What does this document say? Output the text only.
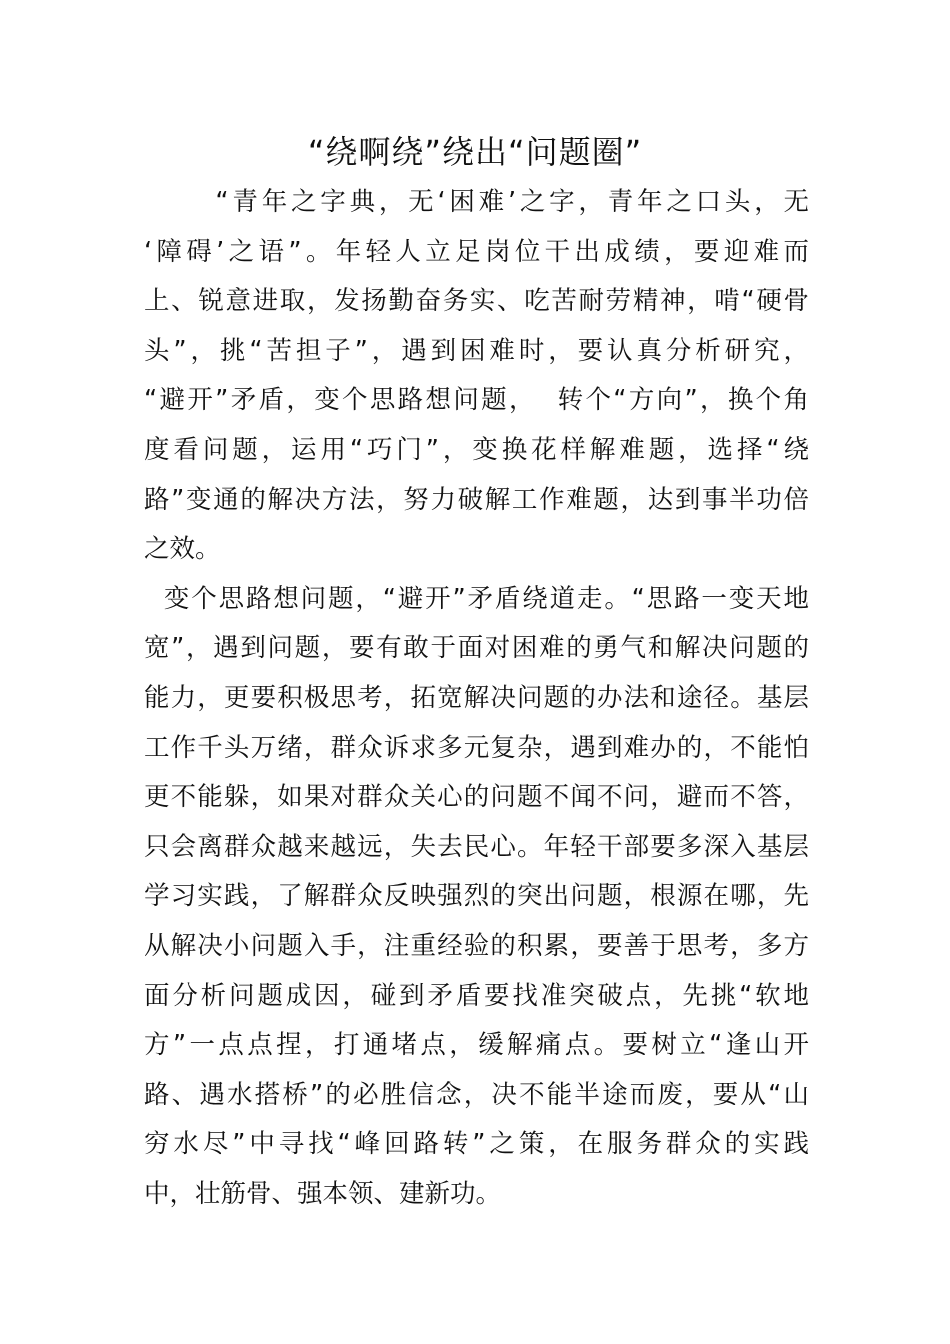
“绕啊绕”绕出“问题圈”
“青年之字典，无‘困难’之字，青年之口头，无
‘障碍’之语”。年轻人立足岗位干出成绩，要迎难而
上、锐意进取，发扬勤奋务实、吃苦耐劳精神，啃“硬骨
头”，挑“苦担子”，遇到困难时，要认真分析研究，
“避开”矛盾，变个思路想问题，  转个“方向”，换个角
度看问题，运用“巧门”，变换花样解难题，选择“绕
路”变通的解决方法，努力破解工作难题，达到事半功倍
之效。
变个思路想问题，“避开”矛盾绕道走。“思路一变天地
宽”，遇到问题，要有敢于面对困难的勇气和解决问题的
能力，更要积极思考，拓宽解决问题的办法和途径。基层
工作千头万绪，群众诉求多元复杂，遇到难办的，不能怕
更不能躲，如果对群众关心的问题不闻不问，避而不答，
只会离群众越来越远，失去民心。年轻干部要多深入基层
学习实践，了解群众反映强烈的突出问题，根源在哪，先
从解决小问题入手，注重经验的积累，要善于思考，多方
面分析问题成因，碰到矛盾要找准突破点，先挑“软地
方”一点点捏，打通堵点，缓解痛点。要树立“逢山开
路、遇水搭桥”的必胜信念，决不能半途而废，要从“山
穷水尽”中寻找“峰回路转”之策，在服务群众的实践
中，壮筋骨、强本领、建新功。
